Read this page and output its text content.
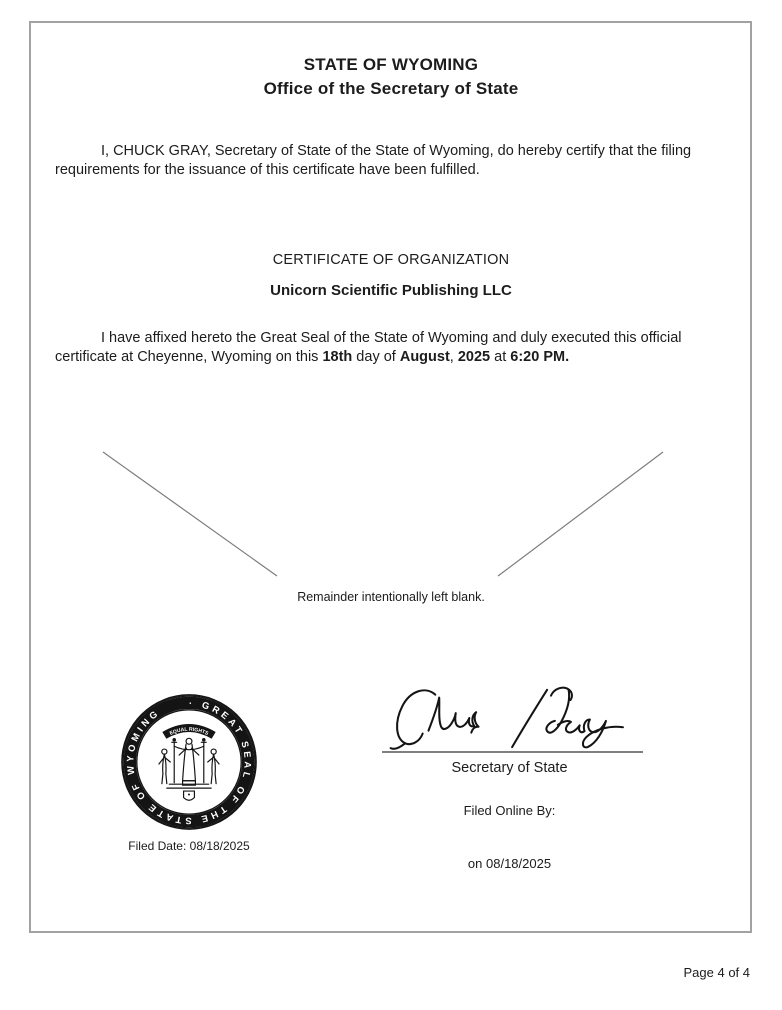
STATE OF WYOMING
Office of the Secretary of State
I, CHUCK GRAY, Secretary of State of the State of Wyoming, do hereby certify that the filing requirements for the issuance of this certificate have been fulfilled.
CERTIFICATE OF ORGANIZATION
Unicorn Scientific Publishing LLC
I have affixed hereto the Great Seal of the State of Wyoming and duly executed this official certificate at Cheyenne, Wyoming on this 18th day of August, 2025 at 6:20 PM.
Remainder intentionally left blank.
· GREAT SEAL OF THE STATE OF WYOMING
EQUAL RIGHTS
Filed Date: 08/18/2025
Secretary of State
Filed Online By:
on 08/18/2025
Page 4 of 4
